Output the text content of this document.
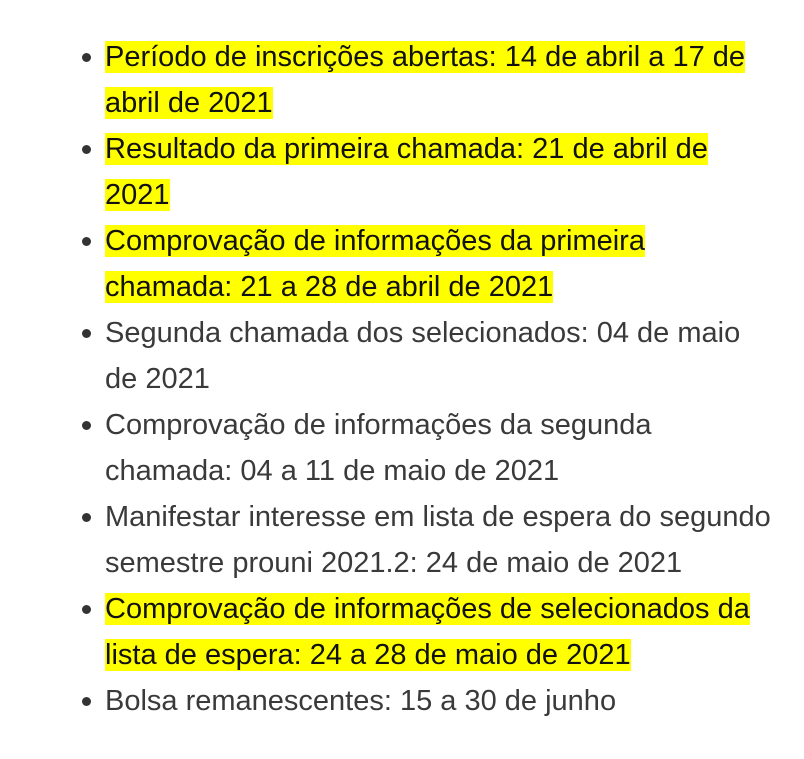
Período de inscrições abertas: 14 de abril a 17 de abril de 2021
Resultado da primeira chamada: 21 de abril de 2021
Comprovação de informações da primeira chamada: 21 a 28 de abril de 2021
Segunda chamada dos selecionados: 04 de maio de 2021
Comprovação de informações da segunda chamada: 04 a 11 de maio de 2021
Manifestar interesse em lista de espera do segundo semestre prouni 2021.2: 24 de maio de 2021
Comprovação de informações de selecionados da lista de espera: 24 a 28 de maio de 2021
Bolsa remanescentes: 15 a 30 de junho
